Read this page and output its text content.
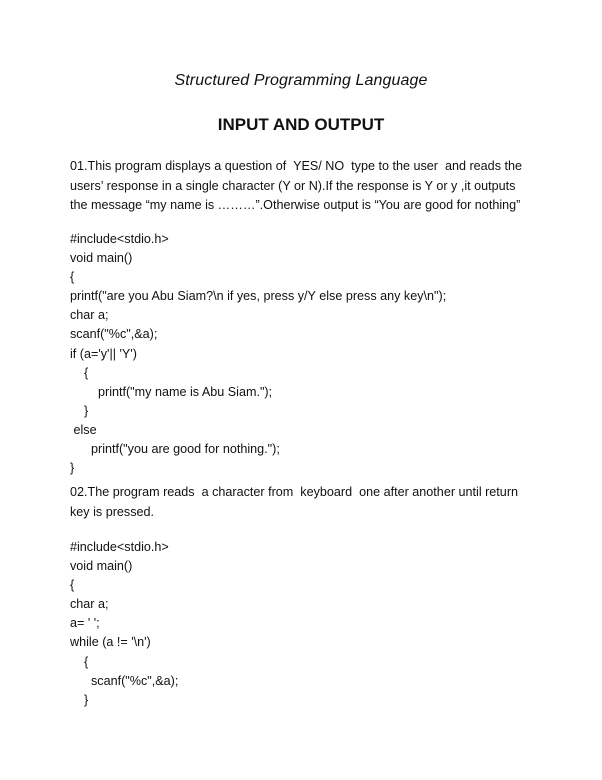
Structured Programming Language
INPUT AND OUTPUT
01.This program displays a question of  YES/ NO  type to the user  and reads the
users’ response in a single character (Y or N).If the response is Y or y ,it outputs
the message “my name is ………”.Otherwise output is “You are good for nothing”
#include<stdio.h>
void main()
{
printf("are you Abu Siam?\n if yes, press y/Y else press any key\n");
char a;
scanf("%c",&a);
if (a='y'|| 'Y')
{
printf("my name is Abu Siam.");
}
else
printf("you are good for nothing.");
}
02.The program reads  a character from  keyboard  one after another until return
key is pressed.
#include<stdio.h>
void main()
{
char a;
a= ' ';
while (a != '\n')
{
scanf("%c",&a);
}
